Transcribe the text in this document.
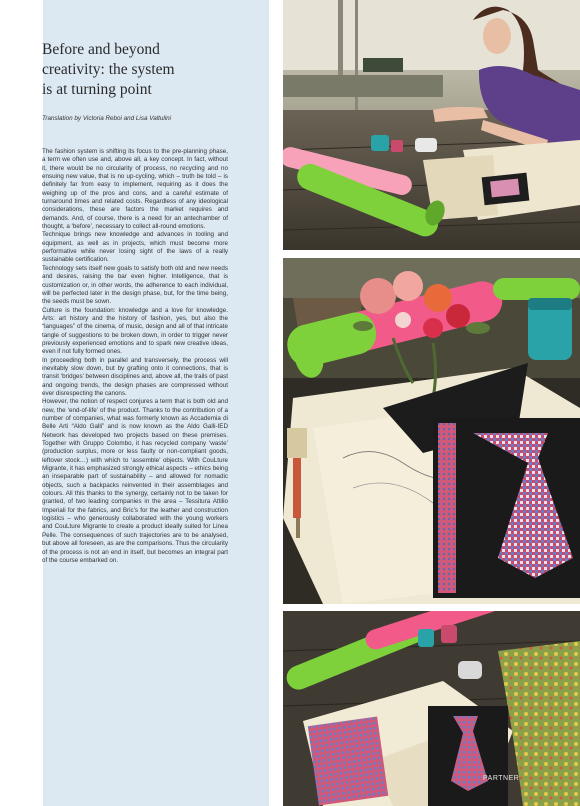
Before and beyond
creativity: the system
is at turning point
Translation by Victoria Reboi and Lisa Valtulini

The fashion system is shifting its focus to the pre-planning phase, a term we often use and, above all, a key concept. In fact, without it, there would be no circularity of process, no recycling and no ensuing new value, that is no up-cycling, which – truth be told – is definitely far from easy to implement, requiring as it does the weighing up of the pros and cons, and a careful estimate of turnaround times and related costs. Regardless of any ideological considerations, these are factors the market requires and demands. And, of course, there is a need for an antechamber of thought, a ‘before’, necessary to collect all-round emotions.

Technique brings new knowledge and advances in tooling and equipment, as well as in projects, which must become more performative while never losing sight of the laws of a really sustainable certification.

Technology sets itself new goals to satisfy both old and new needs and desires, raising the bar even higher. Intelligence, that is customization or, in other words, the adherence to each individual, will be perfected later in the design phase, but, for the time being, the seeds must be sown.

Culture is the foundation: knowledge and a love for knowledge. Arts: art history and the history of fashion, yes, but also the “languages” of the cinema, of music, design and all of that intricate tangle of suggestions to be broken down, in order to trigger never previously experienced emotions and to spark new creative ideas, even if not fully formed ones.

In proceeding both in parallel and transversely, the process will inevitably slow down, but by grafting onto it connections, that is transit ‘bridges’ between disciplines and, above all, the trails of past and ongoing trends, the design phases are compressed without ever disrespecting the canons.

However, the notion of respect conjures a term that is both old and new, the ‘end-of-life’ of the product. Thanks to the contribution of a number of companies, what was formerly known as Accademia di Belle Arti “Aldo Galli” and is now known as the Aldo Galli-IED Network has developed two projects based on these premises. Together with Gruppo Colombo, it has recycled company ‘waste’ (production surplus, more or less faulty or non-compliant goods, leftover stock…) with which to ‘assemble’ objects. With CouLture Migrante, it has emphasized strongly ethical aspects – ethics being an inseparable part of sustainability – and allowed for nomadic objects, such a backpacks reinvented in their assemblages and colours. All this thanks to the synergy, certainly not to be taken for granted, of two leading companies in the area – Tessitura Attilio Imperiali for the fabrics, and Bric’s for the leather and construction logistics – who generously collaborated with the young workers and CouLture Migrante to create a product ideally suited for Linea Pelle. The consequences of such trajectories are to be analysed, but above all foreseen, as are the comparisons. Thus the circularity of the process is not an end in itself, but becomes an integral part of the course embarked on.

PARTNER
